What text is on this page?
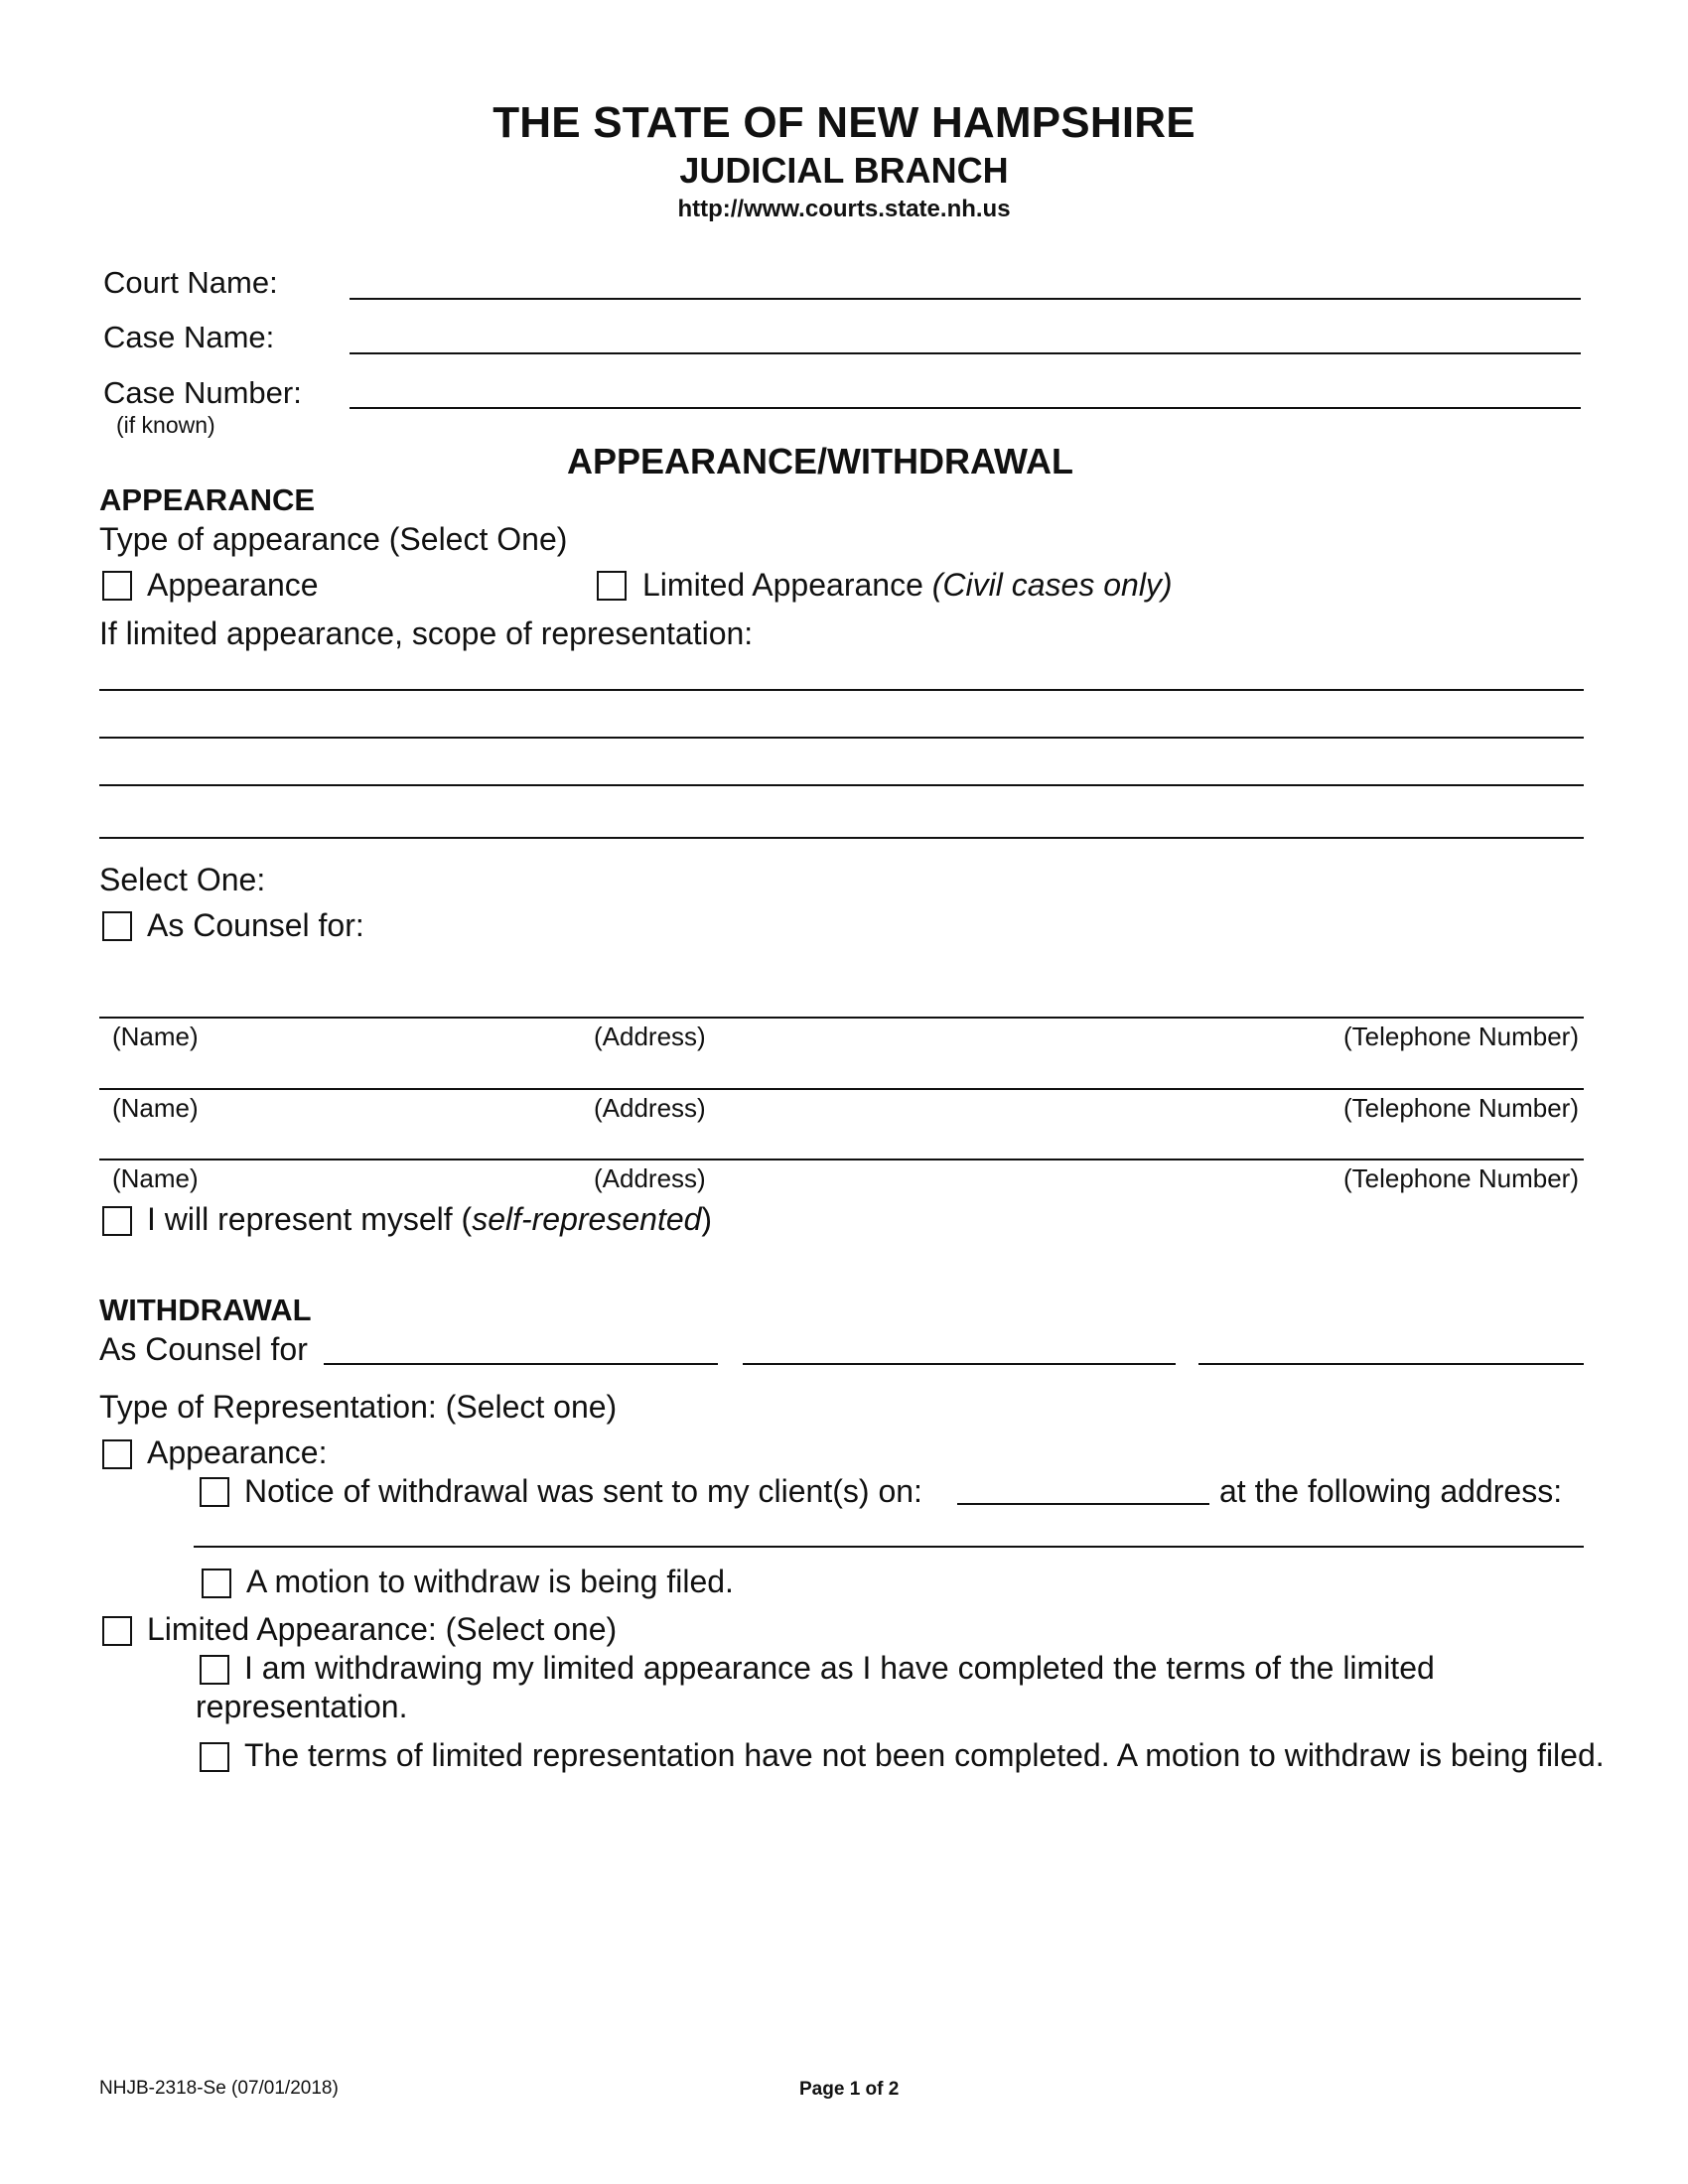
THE STATE OF NEW HAMPSHIRE
JUDICIAL BRANCH
http://www.courts.state.nh.us
Court Name:
Case Name:
Case Number:
(if known)
APPEARANCE/WITHDRAWAL
APPEARANCE
Type of appearance (Select One)
Appearance	Limited Appearance (Civil cases only)
If limited appearance, scope of representation:
Select One:
As Counsel for:
(Name)	(Address)	(Telephone Number)
(Name)	(Address)	(Telephone Number)
(Name)	(Address)	(Telephone Number)
I will represent myself (self-represented)
WITHDRAWAL
As Counsel for
Type of Representation: (Select one)
Appearance:
Notice of withdrawal was sent to my client(s) on:	at the following address:
A motion to withdraw is being filed.
Limited Appearance: (Select one)
I am withdrawing my limited appearance as I have completed the terms of the limited representation.
The terms of limited representation have not been completed. A motion to withdraw is being filed.
NHJB-2318-Se (07/01/2018)	Page 1 of 2
